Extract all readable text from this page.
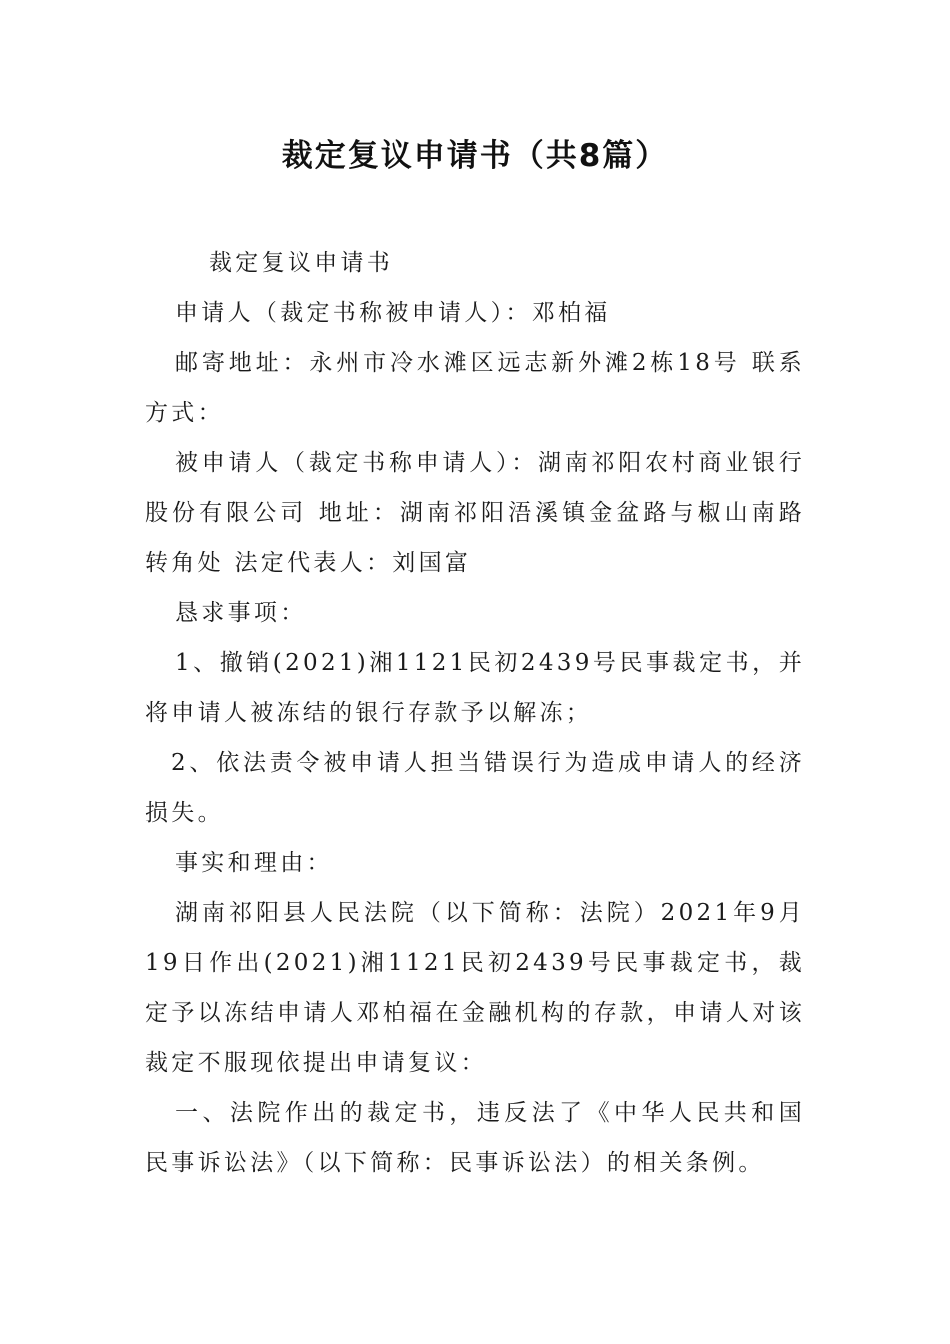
裁定复议申请书（共8篇）

裁定复议申请书

申请人（裁定书称被申请人）：邓柏福

邮寄地址：永州市冷水滩区远志新外滩2栋18号 联系方式：

被申请人（裁定书称申请人）：湖南祁阳农村商业银行股份有限公司 地址：湖南祁阳浯溪镇金盆路与椒山南路转角处 法定代表人：刘国富

恳求事项：

1、撤销(2021)湘1121民初2439号民事裁定书，并将申请人被冻结的银行存款予以解冻；

2、依法责令被申请人担当错误行为造成申请人的经济损失。

事实和理由：

湖南祁阳县人民法院（以下简称：法院）2021年9月19日作出(2021)湘1121民初2439号民事裁定书，裁定予以冻结申请人邓柏福在金融机构的存款，申请人对该裁定不服现依提出申请复议：

一、法院作出的裁定书，违反法了《中华人民共和国民事诉讼法》（以下简称：民事诉讼法）的相关条例。
